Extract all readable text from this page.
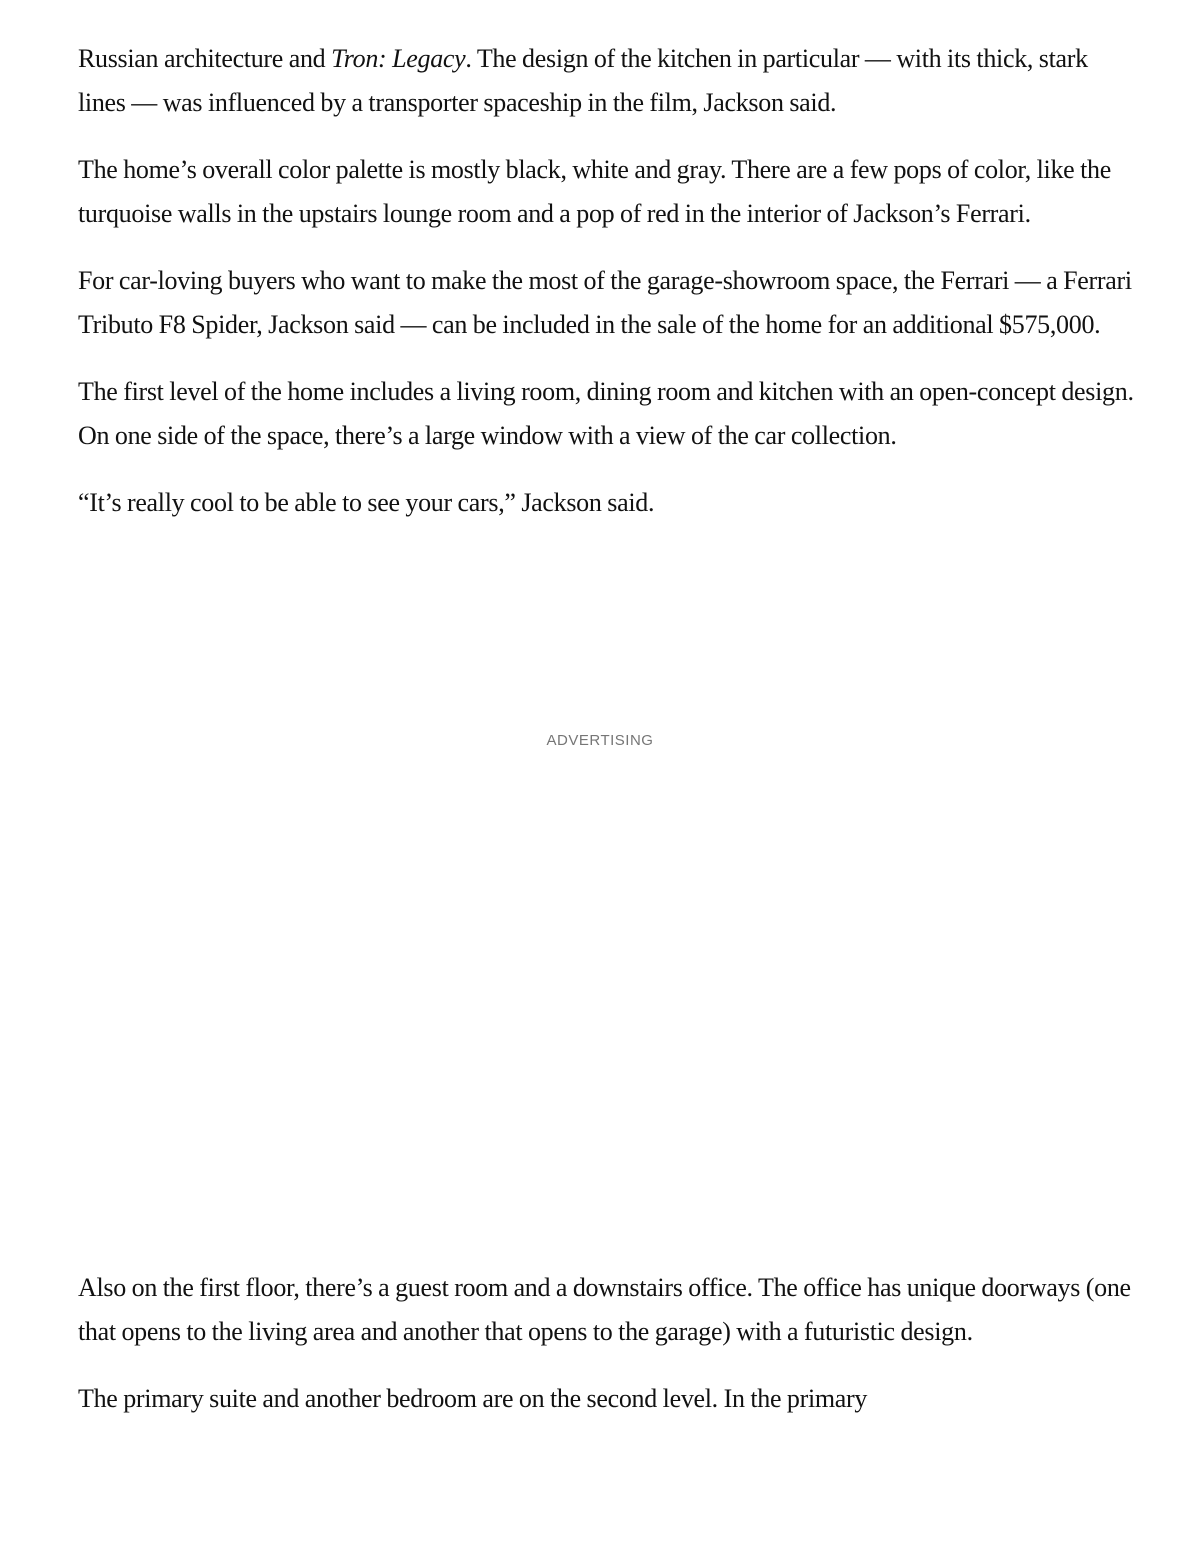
Russian architecture and Tron: Legacy. The design of the kitchen in particular — with its thick, stark lines — was influenced by a transporter spaceship in the film, Jackson said.

The home’s overall color palette is mostly black, white and gray. There are a few pops of color, like the turquoise walls in the upstairs lounge room and a pop of red in the interior of Jackson’s Ferrari.

For car-loving buyers who want to make the most of the garage-showroom space, the Ferrari — a Ferrari Tributo F8 Spider, Jackson said — can be included in the sale of the home for an additional $575,000.

The first level of the home includes a living room, dining room and kitchen with an open-concept design. On one side of the space, there’s a large window with a view of the car collection.

“It’s really cool to be able to see your cars,” Jackson said.

ADVERTISING

Also on the first floor, there’s a guest room and a downstairs office. The office has unique doorways (one that opens to the living area and another that opens to the garage) with a futuristic design.

The primary suite and another bedroom are on the second level. In the primary
